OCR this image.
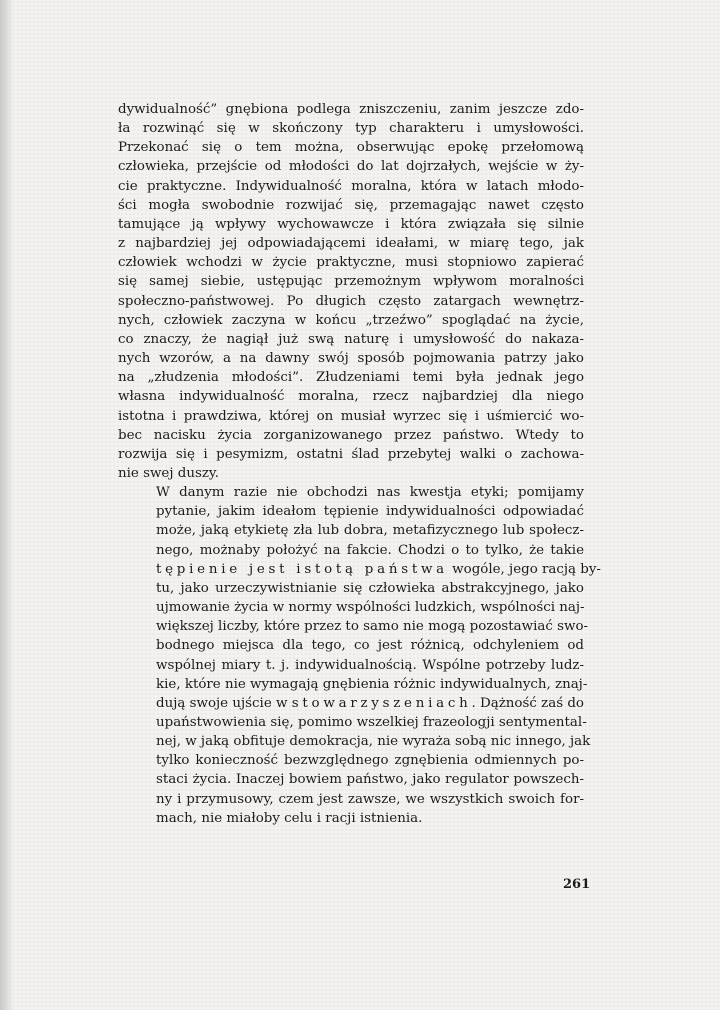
dywidualność” gnębiona podlega zniszczeniu, zanim jeszcze zdo-
ła rozwinąć się w skończony typ charakteru i umysłowości.
Przekonać się o tem można, obserwując epokę przełomową
człowieka, przejście od młodości do lat dojrzałych, wejście w ży-
cie praktyczne. Indywidualność moralna, która w latach młodo-
ści mogła swobodnie rozwijać się, przemagając nawet często
tamujące ją wpływy wychowawcze i która związała się silnie
z najbardziej jej odpowiadającemi ideałami, w miarę tego, jak
człowiek wchodzi w życie praktyczne, musi stopniowo zapierać
się samej siebie, ustępując przemożnym wpływom moralności
społeczno-państwowej. Po długich często zatargach wewnętrz-
nych, człowiek zaczyna w końcu „trzeźwo” spoglądać na życie,
co znaczy, że nagiął już swą naturę i umysłowość do nakaza-
nych wzorów, a na dawny swój sposób pojmowania patrzy jako
na „złudzenia młodości”. Złudzeniami temi była jednak jego
własna indywidualność moralna, rzecz najbardziej dla niego
istotna i prawdziwa, której on musiał wyrzec się i uśmiercić wo-
bec nacisku życia zorganizowanego przez państwo. Wtedy to
rozwija się i pesymizm, ostatni ślad przebytej walki o zachowa-
nie swej duszy.

W danym razie nie obchodzi nas kwestja etyki; pomijamy
pytanie, jakim ideałom tępienie indywidualności odpowiadać
może, jaką etykietę zła lub dobra, metafizycznego lub społecz-
nego, możnaby położyć na fakcie. Chodzi o to tylko, że takie
tępienie jest istotą państwa wogóle, jego racją by-
tu, jako urzeczywistnianie się człowieka abstrakcyjnego, jako
ujmowanie życia w normy wspólności ludzkich, wspólności naj-
większej liczby, które przez to samo nie mogą pozostawiać swo-
bodnego miejsca dla tego, co jest różnicą, odchyleniem od
wspólnej miary t. j. indywidualnością. Wspólne potrzeby ludz-
kie, które nie wymagają gnębienia różnic indywidualnych, znaj-
dują swoje ujście w stowarzyszeniach. Dążność zaś do
upaństwowienia się, pomimo wszelkiej frazeologji sentymental-
nej, w jaką obfituje demokracja, nie wyraża sobą nic innego, jak
tylko konieczność bezwzględnego zgnębienia odmiennych po-
staci życia. Inaczej bowiem państwo, jako regulator powszech-
ny i przymusowy, czem jest zawsze, we wszystkich swoich for-
mach, nie miałoby celu i racji istnienia.

261
